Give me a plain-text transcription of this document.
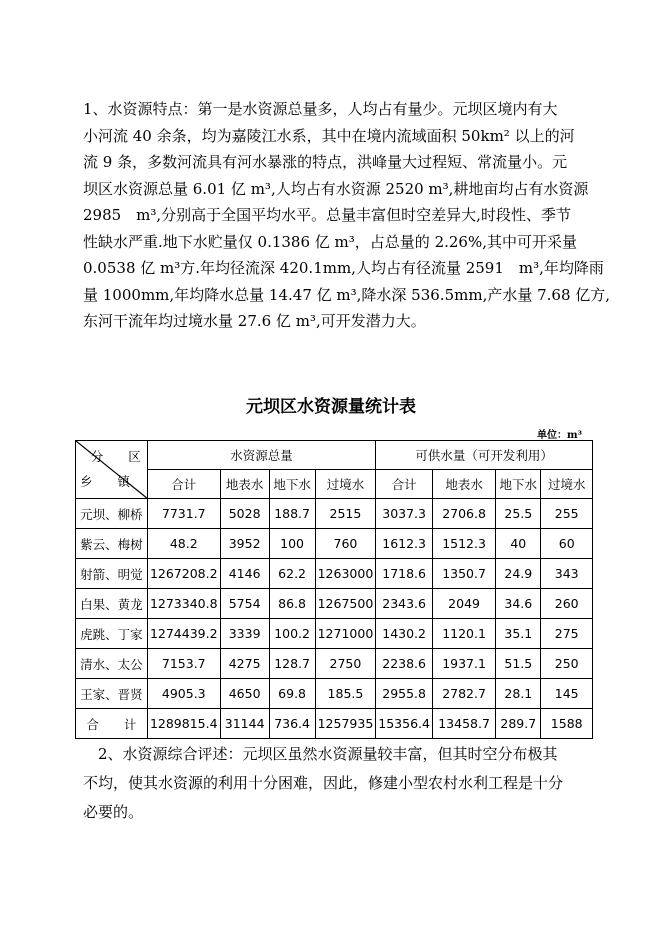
1、水资源特点：第一是水资源总量多，人均占有量少。元坝区境内有大
小河流 40 余条，均为嘉陵江水系，其中在境内流域面积 50km² 以上的河
流 9 条，多数河流具有河水暴涨的特点，洪峰量大过程短、常流量小。元
坝区水资源总量 6.01 亿 m³,人均占有水资源 2520 m³,耕地亩均占有水资源
2985　m³,分别高于全国平均水平。总量丰富但时空差异大,时段性、季节
性缺水严重.地下水贮量仅 0.1386 亿 m³，占总量的 2.26%,其中可开采量
0.0538 亿 m³方.年均径流深 420.1mm,人均占有径流量 2591　m³,年均降雨
量 1000mm,年均降水总量 14.47 亿 m³,降水深 536.5mm,产水量 7.68 亿方,
东河干流年均过境水量 27.6 亿 m³,可开发潜力大。
元坝区水资源量统计表
单位：m³
分　　区
乡　　镇	水资源总量				可供水量（可开发利用）			
	合计	地表水	地下水	过境水	合计	地表水	地下水	过境水
元坝、柳桥	7731.7	5028	188.7	2515	3037.3	2706.8	25.5	255
紫云、梅树	48.2	3952	100	760	1612.3	1512.3	40	60
射箭、明觉	1267208.2	4146	62.2	1263000	1718.6	1350.7	24.9	343
白果、黄龙	1273340.8	5754	86.8	1267500	2343.6	2049	34.6	260
虎跳、丁家	1274439.2	3339	100.2	1271000	1430.2	1120.1	35.1	275
清水、太公	7153.7	4275	128.7	2750	2238.6	1937.1	51.5	250
王家、晋贤	4905.3	4650	69.8	185.5	2955.8	2782.7	28.1	145
合　　计	1289815.4	31144	736.4	1257935	15356.4	13458.7	289.7	1588
　2、水资源综合评述：元坝区虽然水资源量较丰富，但其时空分布极其
不均，使其水资源的利用十分困难，因此，修建小型农村水利工程是十分
必要的。
